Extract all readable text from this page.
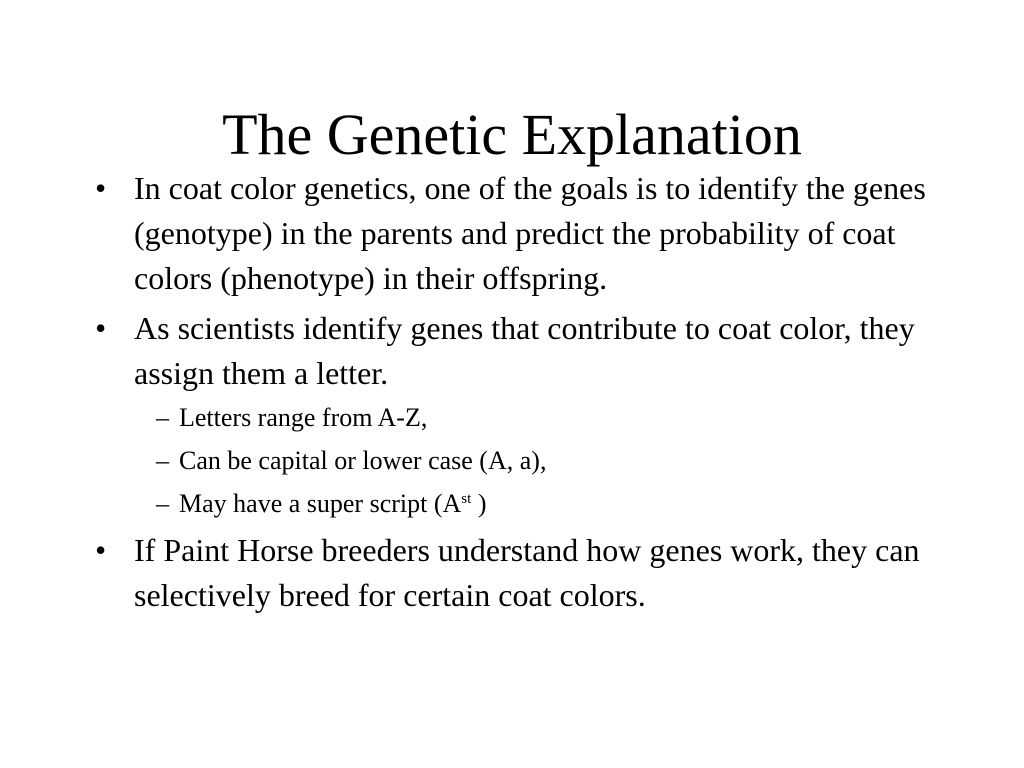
The Genetic Explanation
• In coat color genetics, one of the goals is to identify the genes (genotype) in the parents and predict the probability of coat colors (phenotype) in their offspring.
• As scientists identify genes that contribute to coat color, they assign them a letter.
– Letters range from A-Z,
– Can be capital or lower case (A, a),
– May have a super script ($A^{st}$ )
• If Paint Horse breeders understand how genes work, they can selectively breed for certain coat colors.
